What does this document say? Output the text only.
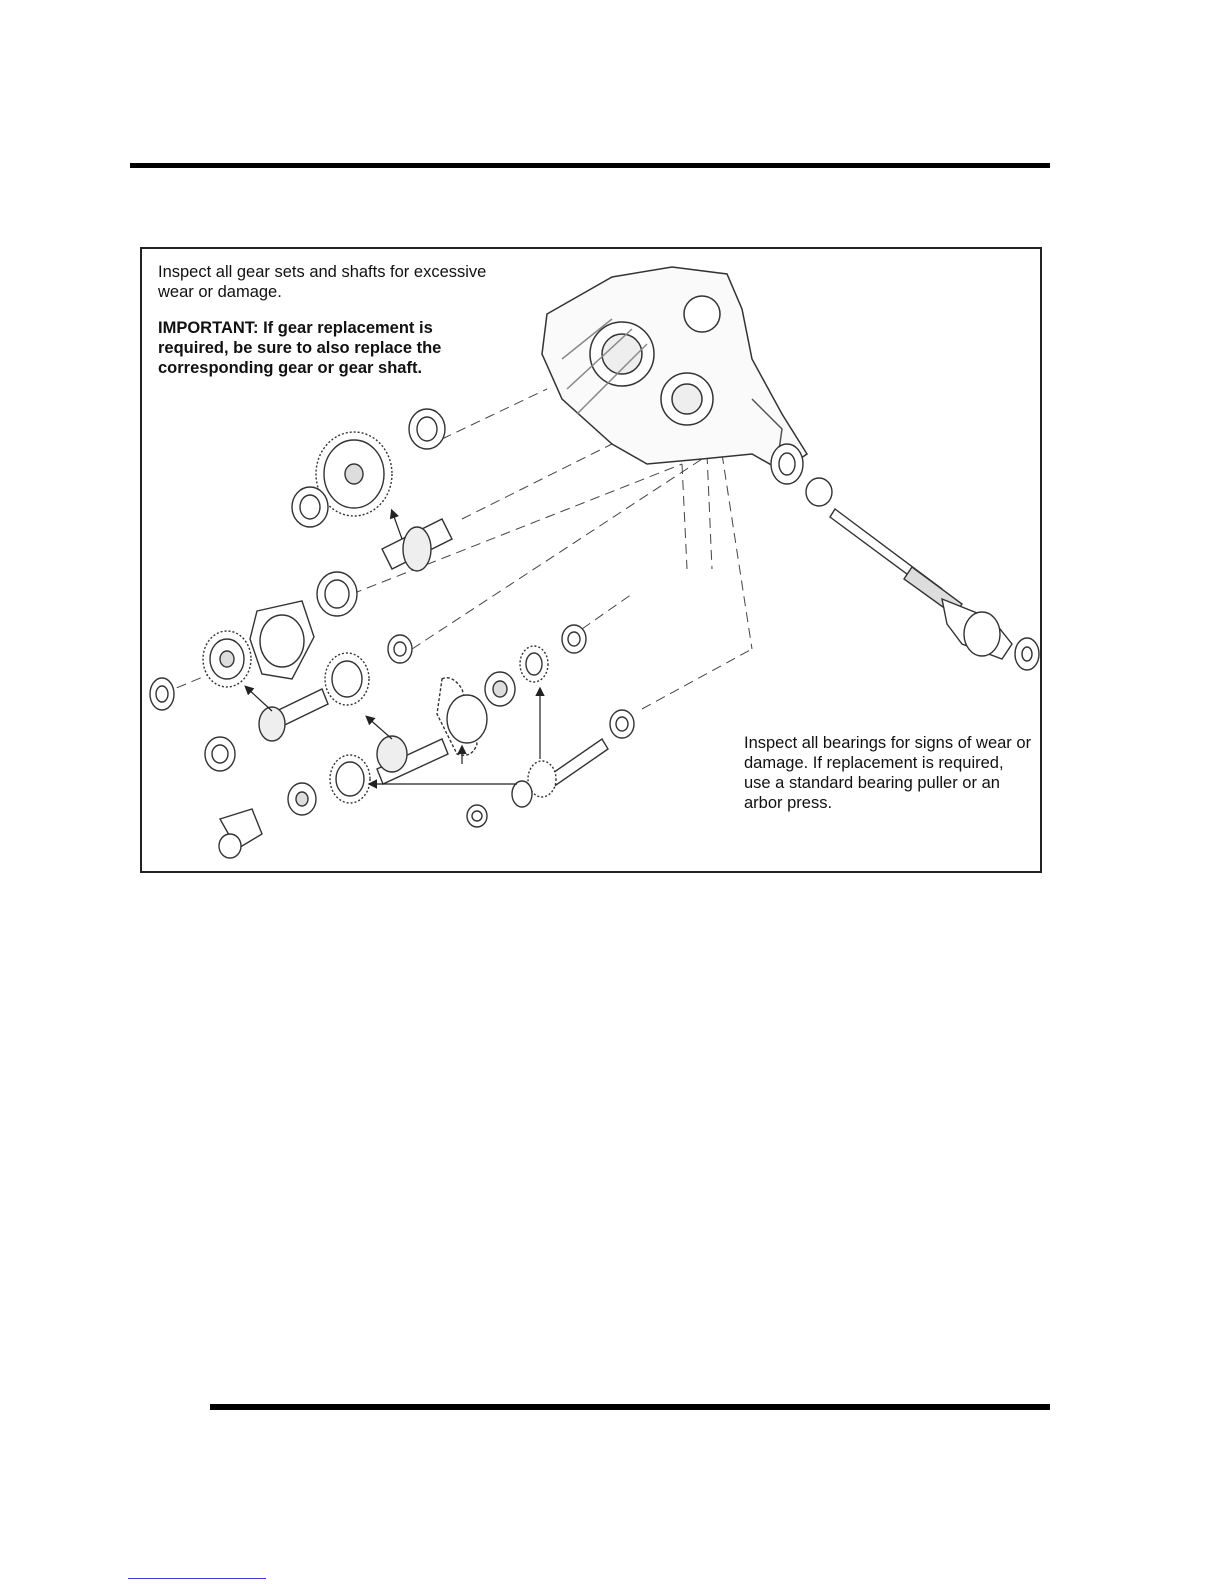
Inspect all gear sets and shafts for excessive wear or damage.

IMPORTANT: If gear replacement is required, be sure to also replace the corresponding gear or gear shaft.

Inspect all bearings for signs of wear or damage. If replacement is required, use a standard bearing puller or an arbor press.
